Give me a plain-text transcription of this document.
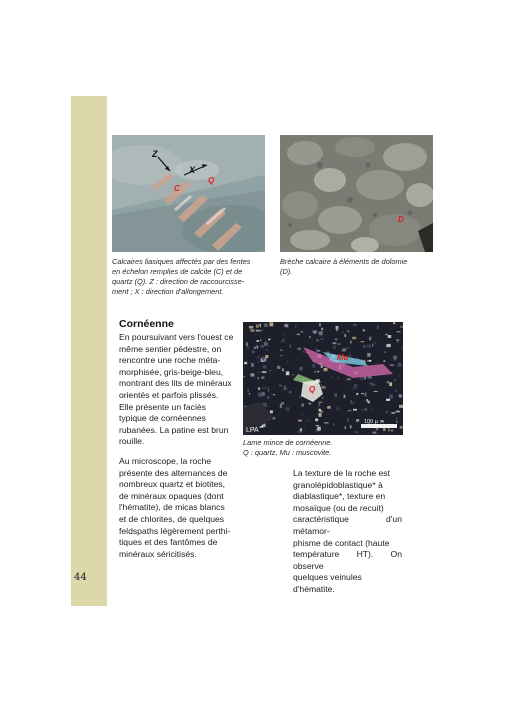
44
Z
X
C
Q
D
Calcaires liasiques affectés par des fentes
en échelon remplies de calcite (C) et de
quartz (Q). Z : direction de raccourcisse-
ment ; X : direction d'allongement.
Brèche calcaire à éléments de dolomie
(D).
Cornéenne
En poursuivant vers l'ouest ce
même sentier pédestre, on
rencontre une roche méta-
morphisée, gris-beige-bleu,
montrant des lits de minéraux
orientés et parfois plissés.
Elle présente un faciès
typique de cornéennes
rubanées. La patine est brun
rouille.
Au microscope, la roche
présente des alternances de
nombreux quartz et biotites,
de minéraux opaques (dont
l'hématite), de micas blancs
et de chlorites, de quelques
feldspaths légèrement perthi-
tiques et des fantômes de
minéraux séricitisés.
Mu
Q
LPA
100 µ
Lame mince de cornéenne.
Q : quartz, Mu : muscovite.
La texture de la roche est
granolépidoblastique* à
diablastique*, texture en
mosaïque (ou de recuit)
caractéristique d'un métamor-
phisme de contact (haute
température HT). On observe
quelques veinules d'hématite.
